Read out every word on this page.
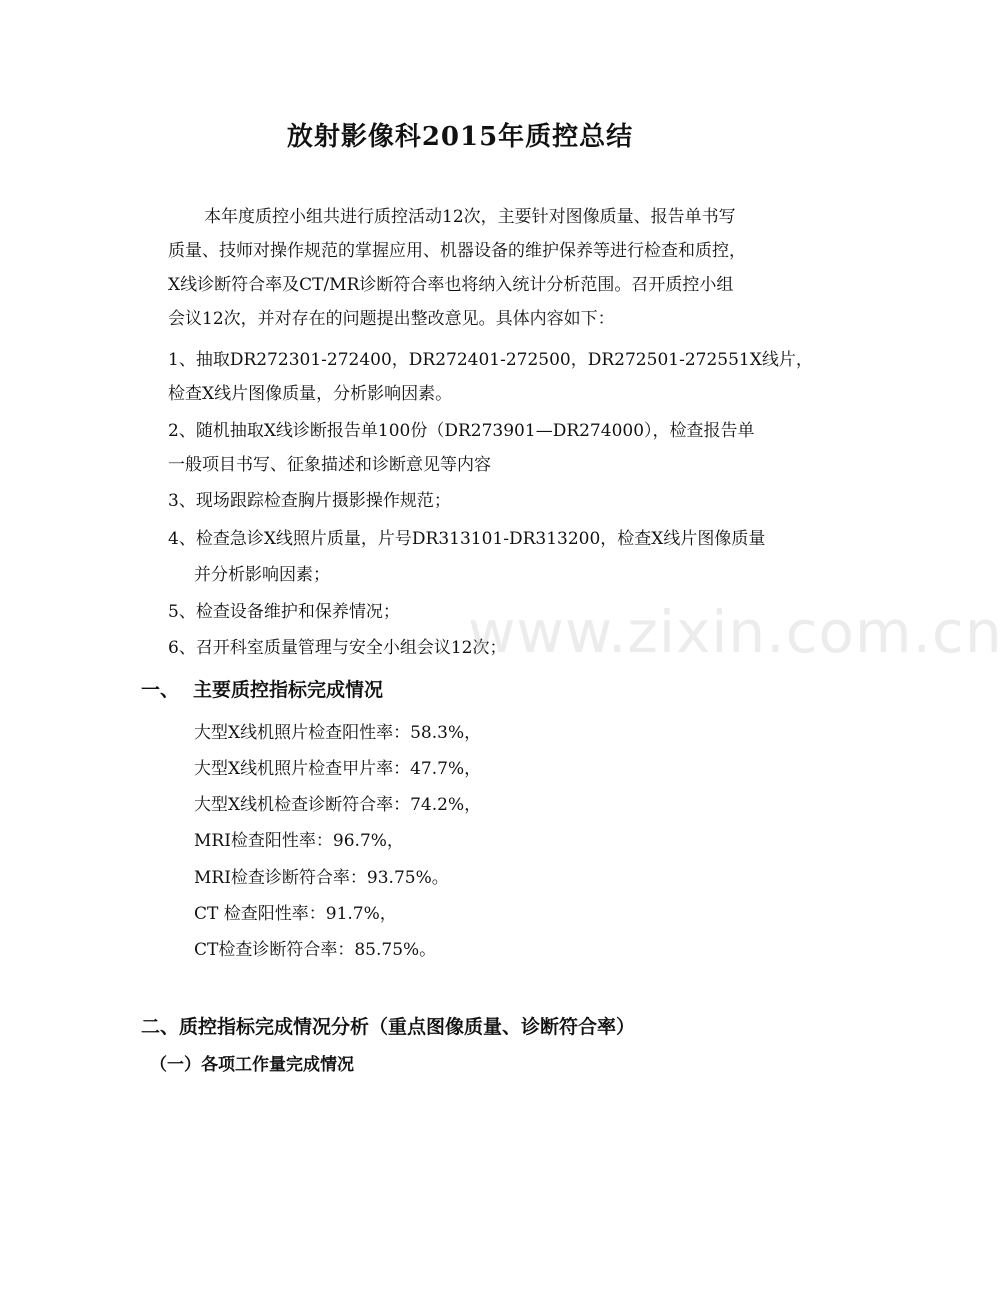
放射影像科2015年质控总结
本年度质控小组共进行质控活动12次，主要针对图像质量、报告单书写
质量、技师对操作规范的掌握应用、机器设备的维护保养等进行检查和质控，
X线诊断符合率及CT/MR诊断符合率也将纳入统计分析范围。召开质控小组
会议12次，并对存在的问题提出整改意见。具体内容如下：
1、抽取DR272301-272400，DR272401-272500，DR272501-272551X线片，
检查X线片图像质量，分析影响因素。
2、随机抽取X线诊断报告单100份（DR273901—DR274000），检查报告单
一般项目书写、征象描述和诊断意见等内容
3、现场跟踪检查胸片摄影操作规范；
4、检查急诊X线照片质量，片号DR313101-DR313200，检查X线片图像质量
并分析影响因素；
5、检查设备维护和保养情况；
6、召开科室质量管理与安全小组会议12次；
www.zixin.com.cn
一、 主要质控指标完成情况
大型X线机照片检查阳性率：58.3%，
大型X线机照片检查甲片率：47.7%，
大型X线机检查诊断符合率：74.2%，
MRI检查阳性率：96.7%，
MRI检查诊断符合率：93.75%。
CT 检查阳性率：91.7%，
CT检查诊断符合率：85.75%。
二、质控指标完成情况分析（重点图像质量、诊断符合率）
（一）各项工作量完成情况
